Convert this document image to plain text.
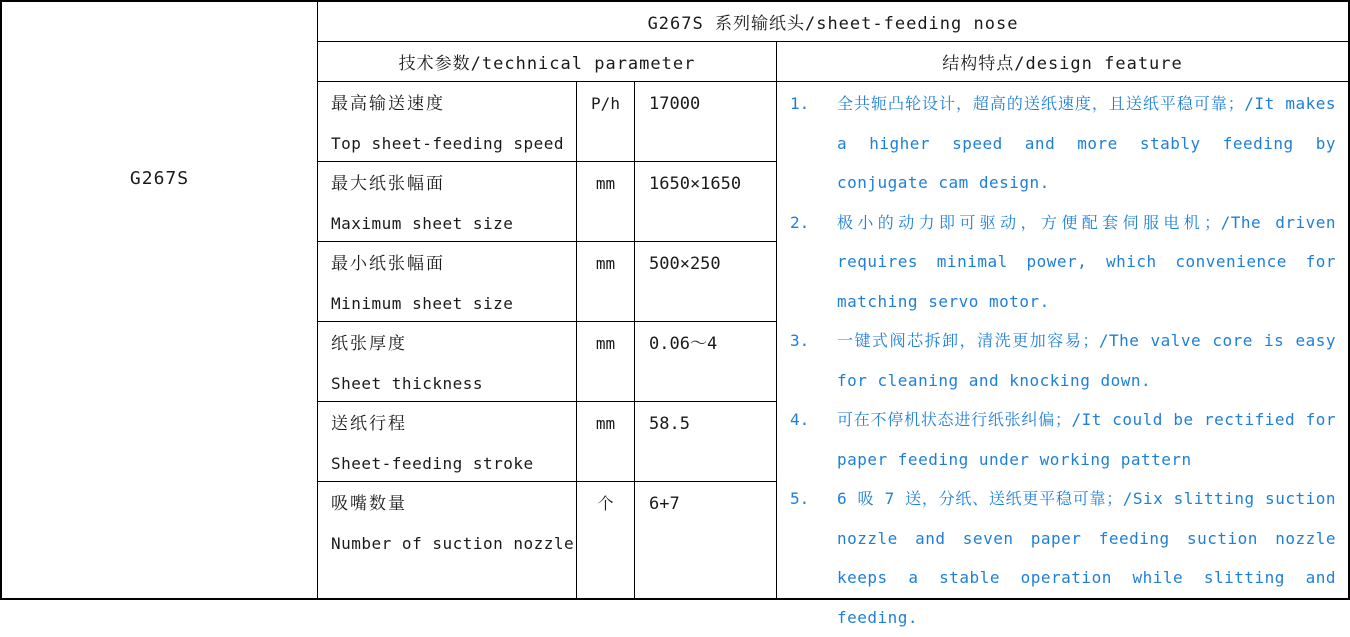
G267S
G267S 系列输纸头/sheet-feeding nose
技术参数/technical parameter	结构特点/design feature
最高输送速度
Top sheet-feeding speed
P/h	17000
最大纸张幅面
Maximum sheet size
mm	1650×1650
最小纸张幅面
Minimum sheet size
mm	500×250
纸张厚度
Sheet thickness
mm	0.06～4
送纸行程
Sheet-feeding stroke
mm	58.5
吸嘴数量
Number of suction nozzle
个	6+7
1.	全共轭凸轮设计，超高的送纸速度，且送纸平稳可靠；/It makes a higher speed and more stably feeding by conjugate cam design.
2.	极小的动力即可驱动，方便配套伺服电机；/The driven requires minimal power, which convenience for matching servo motor.
3.	一键式阀芯拆卸，清洗更加容易；/The valve core is easy for cleaning and knocking down.
4.	可在不停机状态进行纸张纠偏；/It could be rectified for paper feeding under working pattern
5.	6 吸 7 送，分纸、送纸更平稳可靠；/Six slitting suction nozzle and seven paper feeding suction nozzle keeps a stable operation while slitting and feeding.
